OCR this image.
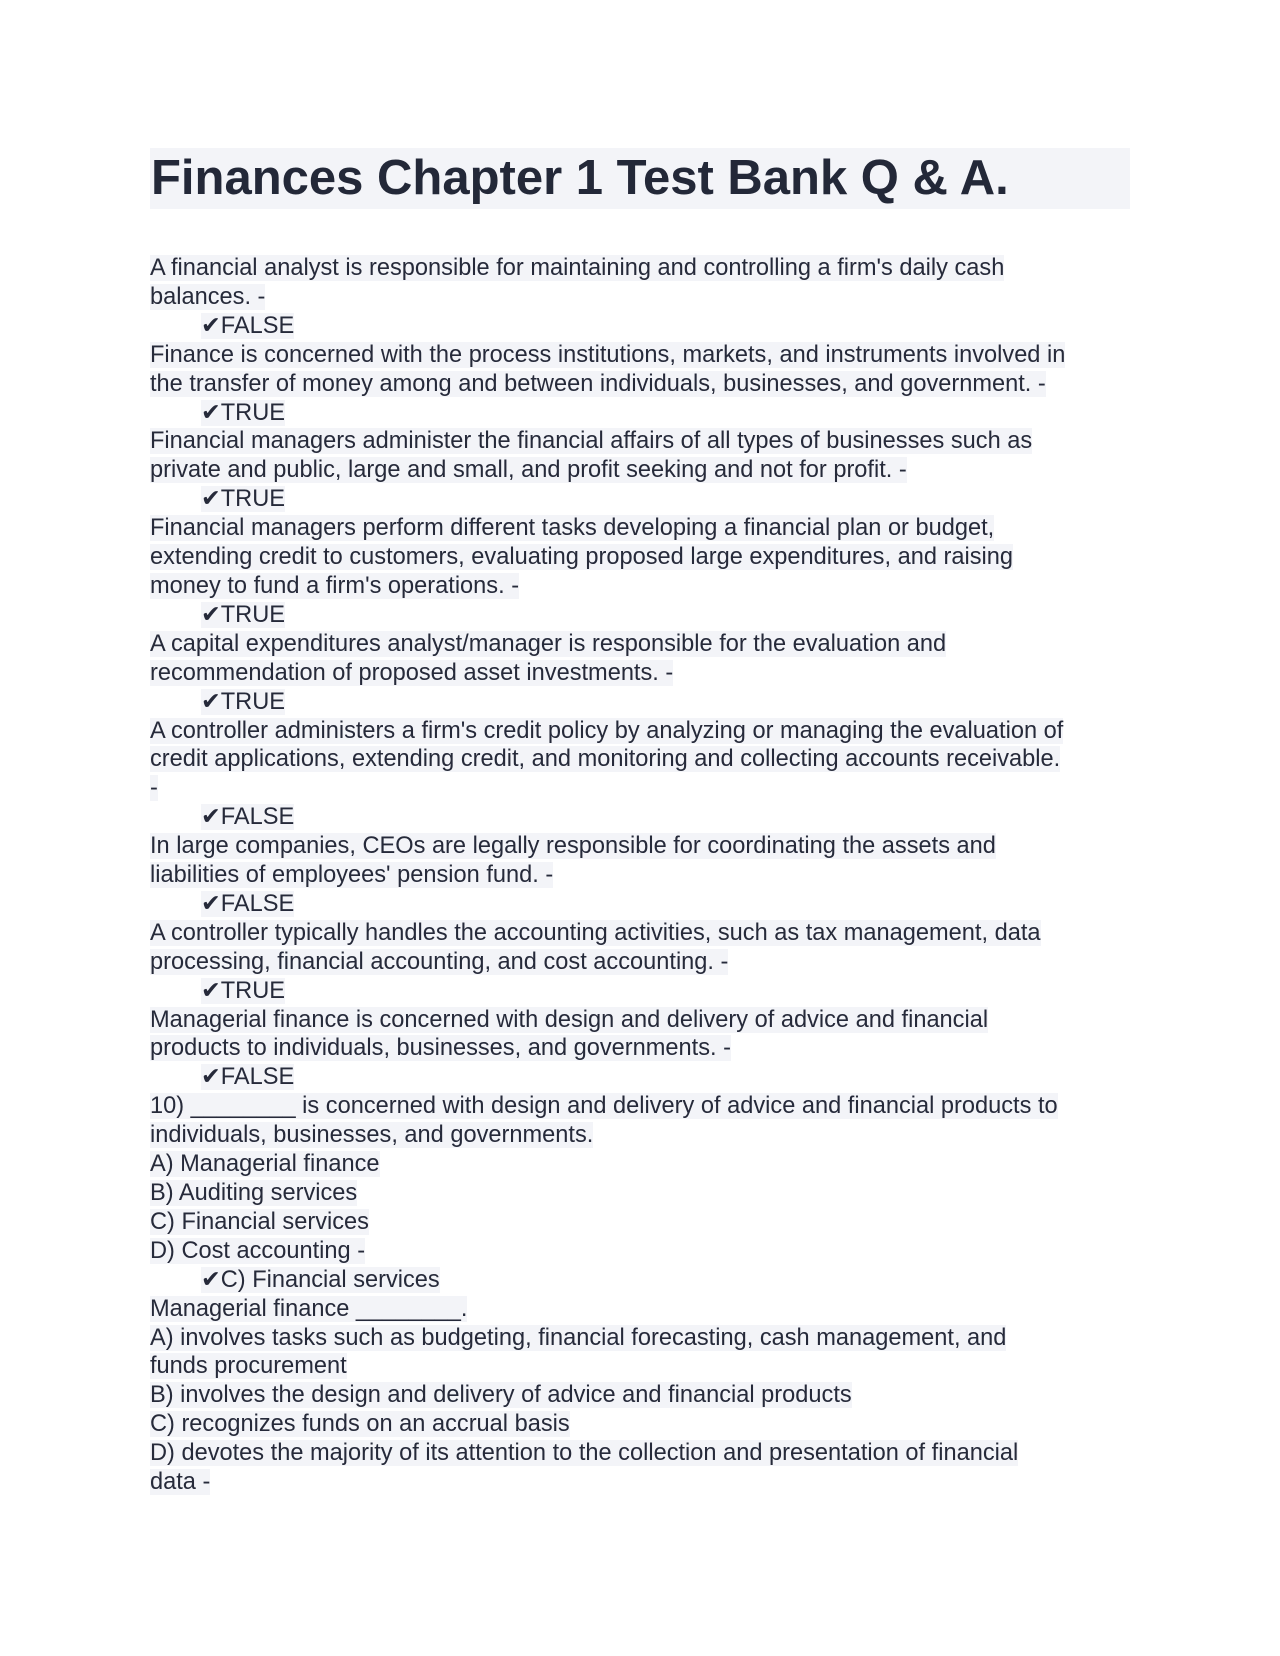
Finances Chapter 1 Test Bank Q & A.
A financial analyst is responsible for maintaining and controlling a firm's daily cash
balances. -
✔FALSE
Finance is concerned with the process institutions, markets, and instruments involved in
the transfer of money among and between individuals, businesses, and government. -
✔TRUE
Financial managers administer the financial affairs of all types of businesses such as
private and public, large and small, and profit seeking and not for profit. -
✔TRUE
Financial managers perform different tasks developing a financial plan or budget,
extending credit to customers, evaluating proposed large expenditures, and raising
money to fund a firm's operations. -
✔TRUE
A capital expenditures analyst/manager is responsible for the evaluation and
recommendation of proposed asset investments. -
✔TRUE
A controller administers a firm's credit policy by analyzing or managing the evaluation of
credit applications, extending credit, and monitoring and collecting accounts receivable.
-
✔FALSE
In large companies, CEOs are legally responsible for coordinating the assets and
liabilities of employees' pension fund. -
✔FALSE
A controller typically handles the accounting activities, such as tax management, data
processing, financial accounting, and cost accounting. -
✔TRUE
Managerial finance is concerned with design and delivery of advice and financial
products to individuals, businesses, and governments. -
✔FALSE
10) ________ is concerned with design and delivery of advice and financial products to
individuals, businesses, and governments.
A) Managerial finance
B) Auditing services
C) Financial services
D) Cost accounting -
✔C) Financial services
Managerial finance ________.
A) involves tasks such as budgeting, financial forecasting, cash management, and
funds procurement
B) involves the design and delivery of advice and financial products
C) recognizes funds on an accrual basis
D) devotes the majority of its attention to the collection and presentation of financial
data -
